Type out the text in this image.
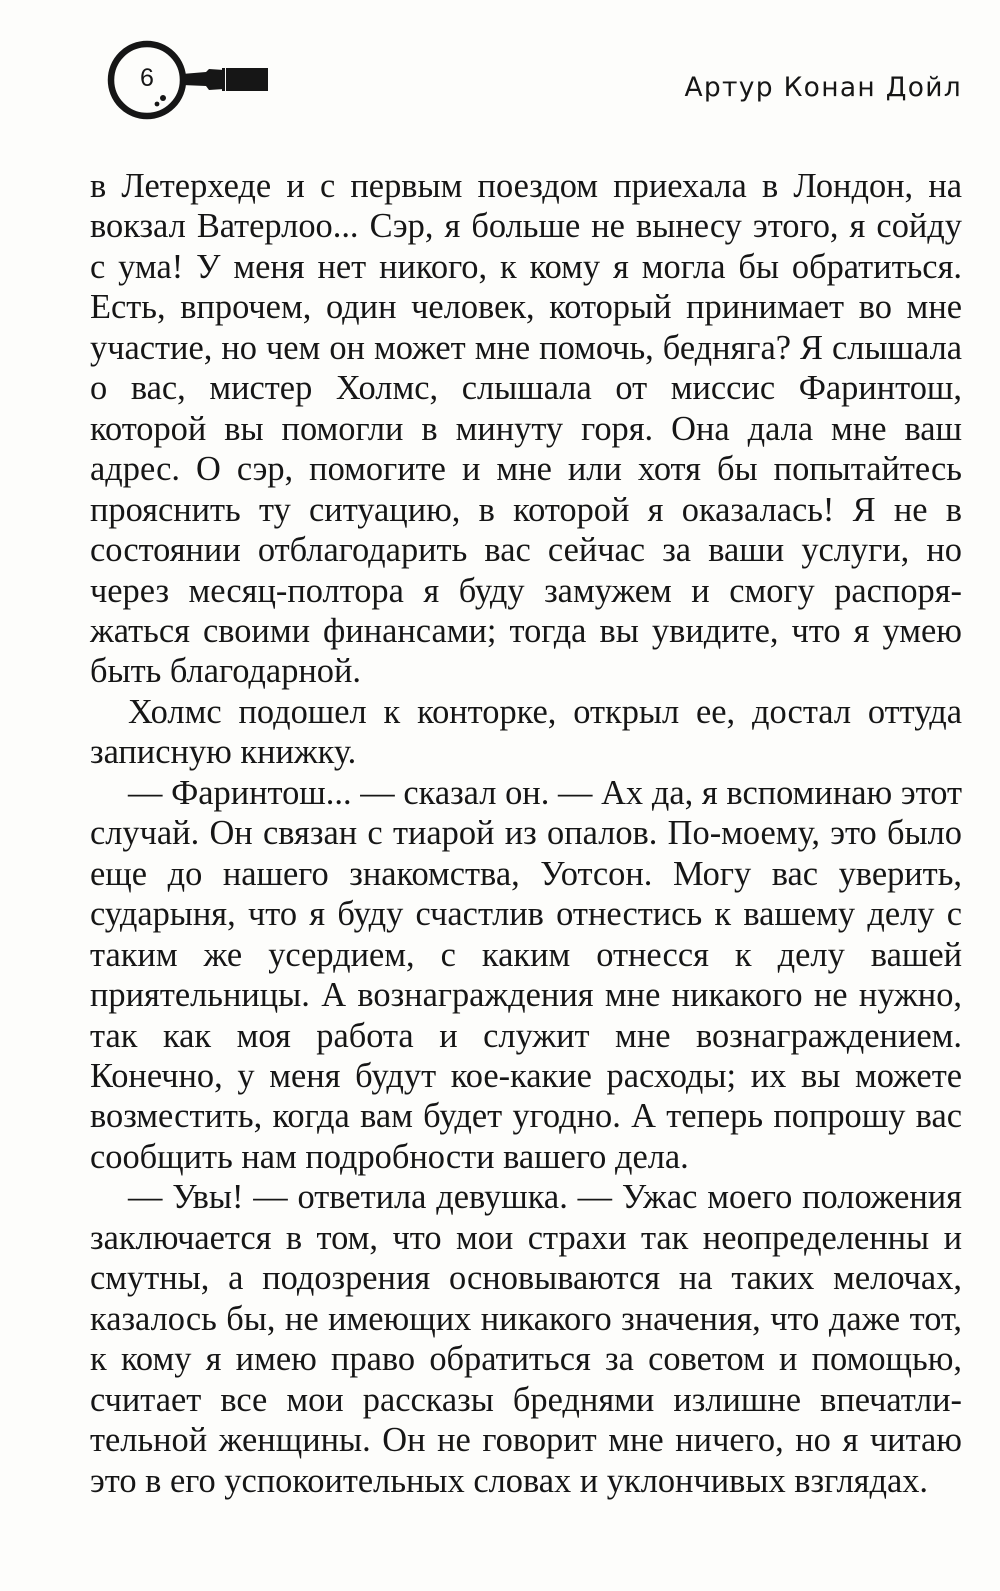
6	Артур Конан Дойл

в Летерхеде и с первым поездом приехала в Лондон, на вокзал Ватерлоо... Сэр, я больше не вынесу этого, я сойду с ума! У меня нет никого, к кому я могла бы обратиться. Есть, впрочем, один человек, который принимает во мне участие, но чем он может мне помочь, бедняга? Я слышала о вас, мистер Холмс, слышала от миссис Фаринтош, которой вы помогли в минуту горя. Она дала мне ваш адрес. О сэр, помогите и мне или хотя бы попытайтесь прояснить ту ситуацию, в которой я оказалась! Я не в состоянии отблагодарить вас сейчас за ваши услуги, но через месяц-полтора я буду замужем и смогу распоряжаться своими финансами; тогда вы увидите, что я умею быть благодарной.

Холмс подошел к конторке, открыл ее, достал оттуда записную книжку.

— Фаринтош... — сказал он. — Ах да, я вспоминаю этот случай. Он связан с тиарой из опалов. По-моему, это было еще до нашего знакомства, Уотсон. Могу вас уверить, сударыня, что я буду счастлив отнестись к вашему делу с таким же усердием, с каким отнесся к делу вашей приятельницы. А вознаграждения мне никакого не нужно, так как моя работа и служит мне вознаграждением. Конечно, у меня будут кое-какие расходы; их вы можете возместить, когда вам будет угодно. А теперь попрошу вас сообщить нам подробности вашего дела.

— Увы! — ответила девушка. — Ужас моего положения заключается в том, что мои страхи так неопределенны и смутны, а подозрения основываются на таких мелочах, казалось бы, не имеющих никакого значения, что даже тот, к кому я имею право обратиться за советом и помощью, считает все мои рассказы бреднями излишне впечатлительной женщины. Он не говорит мне ничего, но я читаю это в его успокоительных словах и уклончивых взглядах.
